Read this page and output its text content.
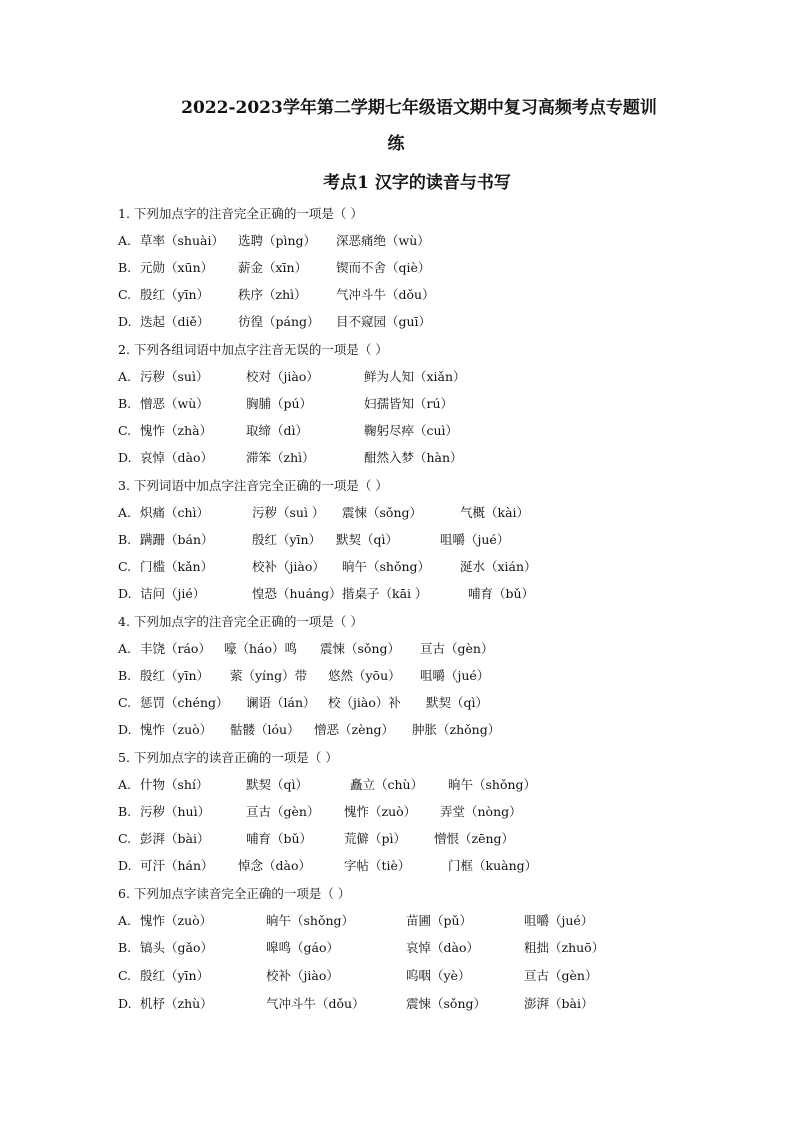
2022-2023学年第二学期七年级语文期中复习高频考点专题训
练
考点1 汉字的读音与书写
1. 下列加点字的注音完全正确的一项是（ ）
A. 草率（shuài） 选聘（pìng） 深恶痛绝（wù）
B. 元勋（xūn） 薪金（xīn） 锲而不舍（qiè）
C. 殷红（yīn） 秩序（zhì） 气冲斗牛（dǒu）
D. 迭起（diě） 彷徨（páng） 目不窥园（guī）
2. 下列各组词语中加点字注音无误的一项是（ ）
A. 污秽（suì）	校对（jiào）	鲜为人知（xiǎn）
B. 憎恶（wù）	胸脯（pú）	妇孺皆知（rú）
C. 愧怍（zhà）	取缔（dì）	鞠躬尽瘁（cuì）
D. 哀悼（dào）	滞笨（zhì）	酣然入梦（hàn）
3. 下列词语中加点字注音完全正确的一项是（ ）
A. 炽痛（chì）	污秽（suì ） 震悚（sǒng）	气概（kài）
B. 蹒跚（bán）	殷红（yīn） 默契（qì）	咀嚼（jué）
C. 门槛（kǎn）	校补（jiào） 晌午（shǒng） 涎水（xián）
D. 诘问（jié）	惶恐（huáng） 揩桌子（kāi ）	哺育（bǔ）
4. 下列加点字的注音完全正确的一项是（ ）
A. 丰饶（ráo） 嚎（háo）鸣 震悚（sǒng） 亘古（gèn）
B. 殷红（yīn） 萦（yíng）带 悠然（yōu） 咀嚼（jué）
C. 惩罚（chéng） 谰语（lán） 校（jiào）补 默契（qì）
D. 愧怍（zuò） 骷髅（lóu） 憎恶（zèng） 肿胀（zhǒng）
5. 下列加点字的读音正确的一项是（ ）
A. 什物（shí）	默契（qì）	矗立（chù） 晌午（shǒng）
B. 污秽（huì）	亘古（gèn） 愧怍（zuò） 弄堂（nòng）
C. 彭湃（bài）	哺育（bǔ）	荒僻（pì） 憎恨（zēng）
D. 可汗（hán） 悼念（dào）	字帖（tiè）	门框（kuàng）
6. 下列加点字读音完全正确的一项是（ ）
A. 愧怍（zuò）	晌午（shǒng）	苗圃（pǔ）	咀嚼（jué）
B. 镐头（gǎo）	嗥鸣（gáo）	哀悼（dào）	粗拙（zhuō）
C. 殷红（yīn）	校补（jiào）	呜咽（yè）	亘古（gèn）
D. 机杼（zhù）	气冲斗牛（dǒu）	震悚（sǒng）	澎湃（bài）
